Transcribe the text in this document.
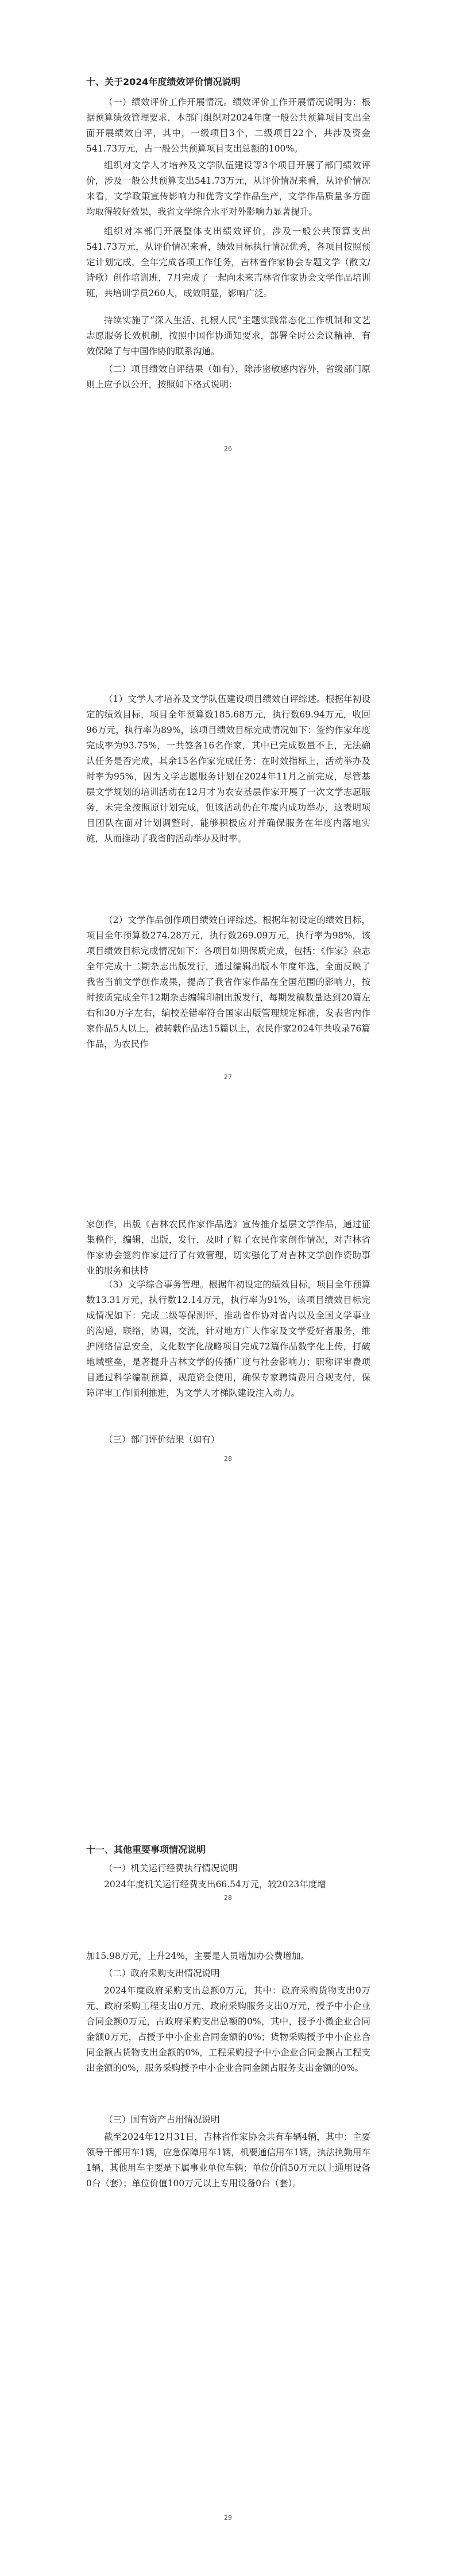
十、关于2024年度绩效评价情况说明

（一）绩效评价工作开展情况。绩效评价工作开展情况说明为：根据预算绩效管理要求，本部门组织对2024年度一般公共预算项目支出全面开展绩效自评，其中，一级项目3个，二级项目22个，共涉及资金541.73万元，占一般公共预算项目支出总额的100%。

组织对文学人才培养及文学队伍建设等3个项目开展了部门绩效评价，涉及一般公共预算支出541.73万元，从评价情况来看，从评价情况来看，文学政策宣传影响力和优秀文学作品生产，文学作品质量多方面均取得较好效果，我省文学综合水平对外影响力显著提升。

组织对本部门开展整体支出绩效评价，涉及一般公共预算支出541.73万元，从评价情况来看，绩效目标执行情况优秀，各项目按照预定计划完成，全年完成各项工作任务，吉林省作家协会专题文学（散文/诗歌）创作培训班，7月完成了一起向未来吉林省作家协会文学作品培训班，共培训学员260人，成效明显，影响广泛。

持续实施了“深入生活、扎根人民”主题实践常态化工作机制和文艺志愿服务长效机制，按照中国作协通知要求，部署全时公会议精神，有效保障了与中国作协的联系沟通。

（二）项目绩效自评结果（如有），除涉密敏感内容外，省级部门原则上应予以公开，按照如下格式说明：

26

（1）文学人才培养及文学队伍建设项目绩效自评综述。根据年初设定的绩效目标，项目全年预算数185.68万元，执行数69.94万元，收回96万元，执行率为89%，该项目绩效目标完成情况如下：签约作家年度完成率为93.75%，一共签各16名作家，其中已完成数量不上，无法确认任务是否完成，其余15名作家完成任务：在时效指标上，活动举办及时率为95%，因为文学志愿服务计划在2024年11月之前完成，尽管基层文学规划的培训活动在12月才为农安基层作家开展了一次文学志愿服务，未完全按照原计划完成，但该活动仍在年度内成功举办，这表明项目团队在面对计划调整时，能够积极应对并确保服务在年度内落地实施，从而推动了我省的活动举办及时率。

（2）文学作品创作项目绩效自评综述。根据年初设定的绩效目标，项目全年预算数274.28万元，执行数269.09万元，执行率为98%，该项目绩效目标完成情况如下：各项目如期保质完成，包括：《作家》杂志全年完成十二期杂志出版发行，通过编辑出版本年度年选，全面反映了我省当前文学创作成果，提高了我省作家作品在全国范围的影响力，按时按质完成全年12期杂志编辑印制出版发行，每期发稿数量达到20篇左右和30万字左右，编校差错率符合国家出版管理规定标准，发表省内作家作品5人以上，被转载作品达15篇以上，农民作家2024年共收录76篇作品，为农民作

27

家创作，出版《吉林农民作家作品选》宣传推介基层文学作品，通过征集稿件，编辑，出版，发行，及时了解了农民作家创作情况，对吉林省作家协会签约作家进行了有效管理，切实强化了对吉林文学创作资助事业的服务和扶持

（3）文学综合事务管理。根据年初设定的绩效目标，项目全年预算数13.31万元，执行数12.14万元，执行率为91%，该项目绩效目标完成情况如下：完成二级等保测评，推动省作协对省内以及全国文学事业的沟通，联络，协调，交流，针对地方广大作家及文学爱好者服务，维护网络信息安全，文化数字化战略项目完成72篇作品数字化上传，打破地域壁垒，是著提升吉林文学的传播广度与社会影响力；职称评审费项目通过科学编制预算，规范资金使用，确保专家聘请费用合规支付，保障评审工作顺利推进，为文学人才梯队建设注入动力。

（三）部门评价结果（如有）

28
十一、其他重要事项情况说明

（一）机关运行经费执行情况说明

2024年度机关运行经费支出66.54万元，较2023年度增

28

加15.98万元，上升24%，主要是人员增加办公费增加。

（二）政府采购支出情况说明

2024年度政府采购支出总额0万元，其中：政府采购货物支出0万元、政府采购工程支出0万元、政府采购服务支出0万元，授予中小企业合同金额0万元，占政府采购支出总额的0%，其中，授予小微企业合同金额0万元，占授予中小企业合同金额的0%；货物采购授予中小企业合同金额占货物支出金额的0%，工程采购授予中小企业合同金额占工程支出金额的0%，服务采购授予中小企业合同金额占服务支出金额的0%。

（三）国有资产占用情况说明

截至2024年12月31日，吉林省作家协会共有车辆4辆，其中：主要领导干部用车1辆，应急保障用车1辆，机要通信用车1辆，执法执勤用车1辆，其他用车主要是下属事业单位车辆；单位价值50万元以上通用设备0台（套）；单位价值100万元以上专用设备0台（套）。

29
